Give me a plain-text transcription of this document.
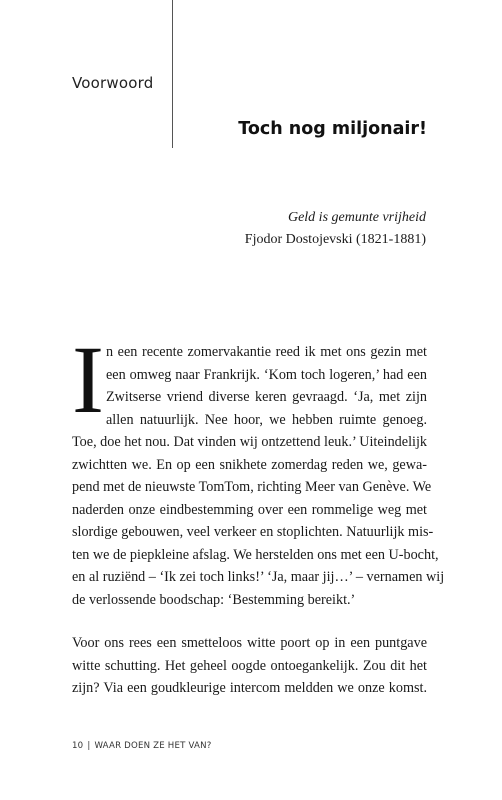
Voorwoord
Toch nog miljonair!
Geld is gemunte vrijheid
Fjodor Dostojevski (1821-1881)
I n een recente zomervakantie reed ik met ons gezin met
een omweg naar Frankrijk. ‘Kom toch logeren,’ had een
Zwitserse vriend diverse keren gevraagd. ‘Ja, met zijn
allen natuurlijk. Nee hoor, we hebben ruimte genoeg.
Toe, doe het nou. Dat vinden wij ontzettend leuk.’ Uiteindelijk
zwichtten we. En op een snikhete zomerdag reden we, gewa-
pend met de nieuwste TomTom, richting Meer van Genève. We
naderden onze eindbestemming over een rommelige weg met
slordige gebouwen, veel verkeer en stoplichten. Natuurlijk mis-
ten we de piepkleine afslag. We herstelden ons met een U-bocht,
en al ruziënd – ‘Ik zei toch links!’ ‘Ja, maar jij…’ – vernamen wij
de verlossende boodschap: ‘Bestemming bereikt.’
Voor ons rees een smetteloos witte poort op in een puntgave
witte schutting. Het geheel oogde ontoegankelijk. Zou dit het
zijn? Via een goudkleurige intercom meldden we onze komst.
10 | WAAR DOEN ZE HET VAN?
